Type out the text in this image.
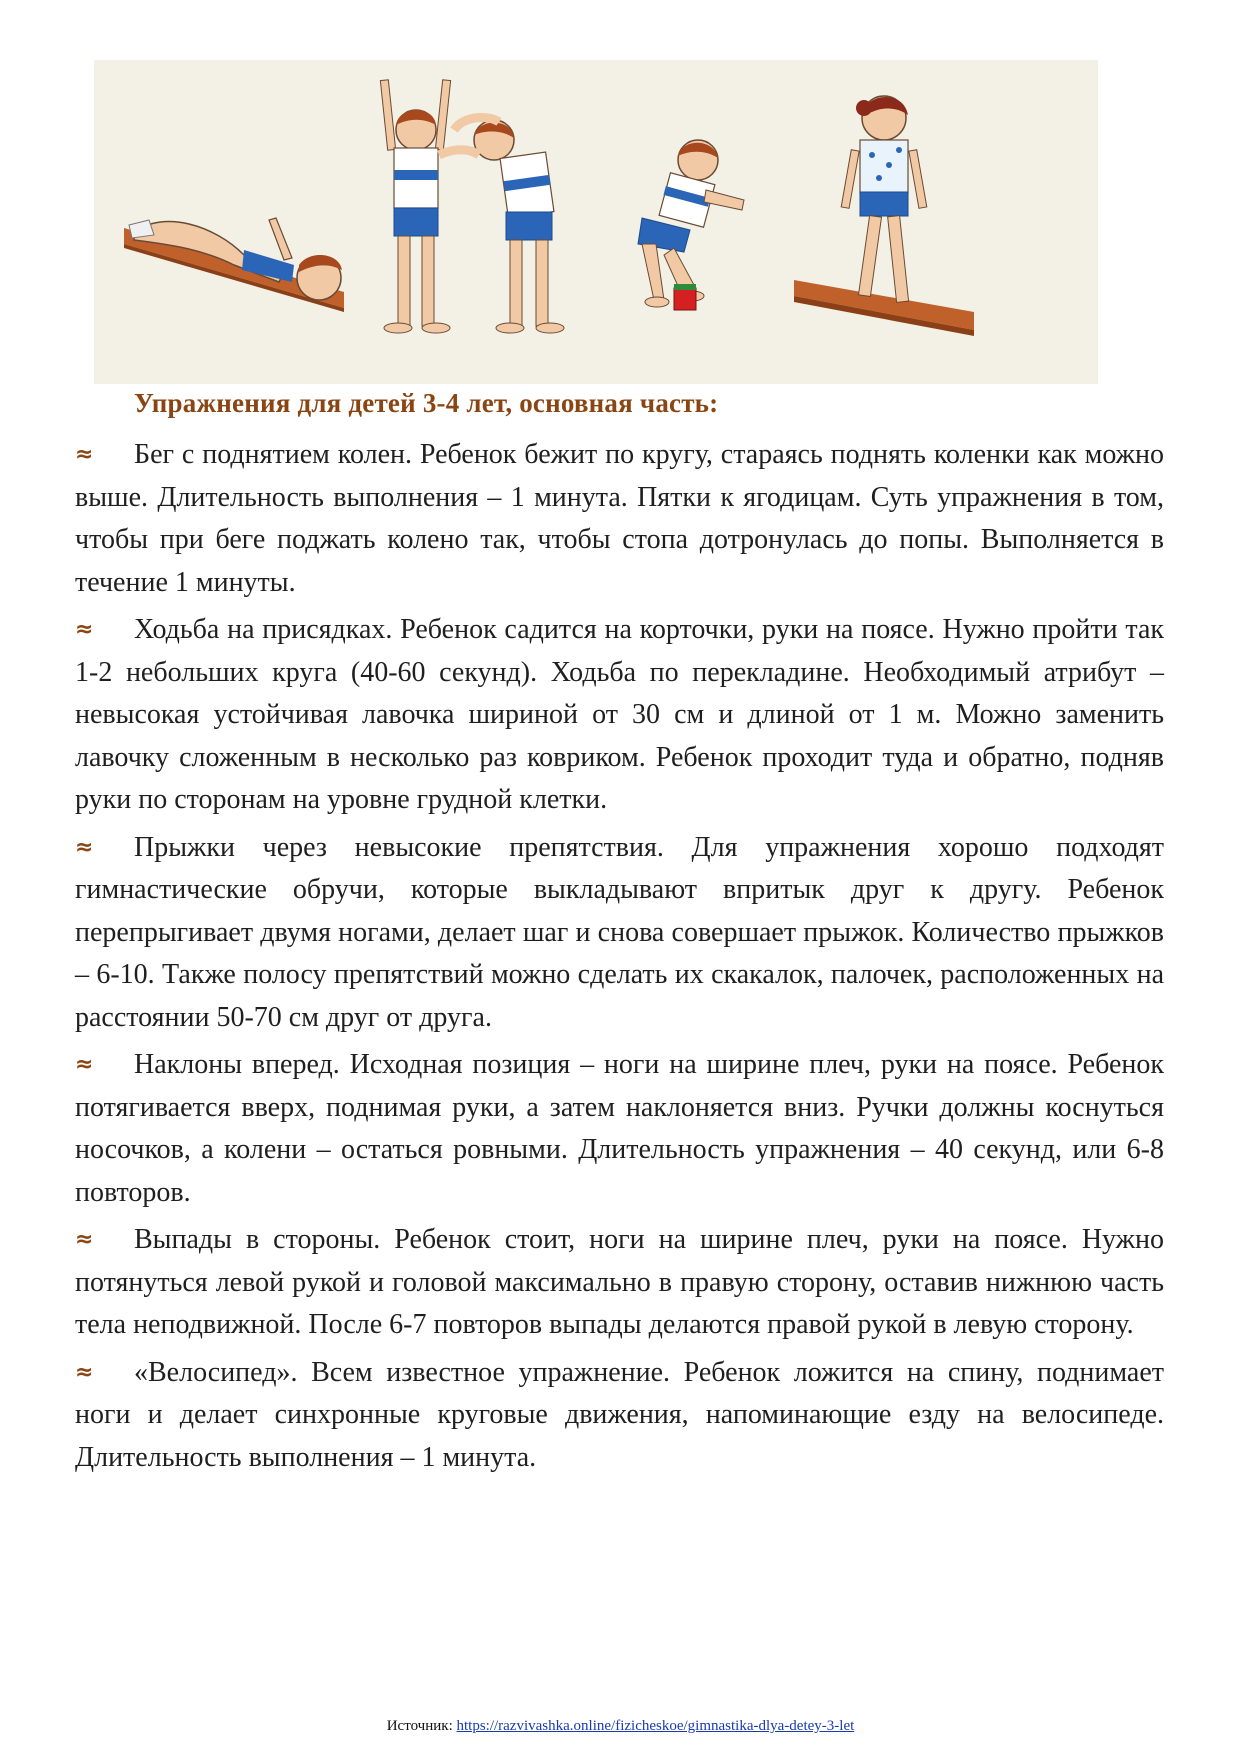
Упражнения для детей 3-4 лет, основная часть:

≈ Бег с поднятием колен. Ребенок бежит по кругу, стараясь поднять коленки как можно выше. Длительность выполнения – 1 минута. Пятки к ягодицам. Суть упражнения в том, чтобы при беге поджать колено так, чтобы стопа дотронулась до попы. Выполняется в течение 1 минуты.

≈ Ходьба на присядках. Ребенок садится на корточки, руки на поясе. Нужно пройти так 1-2 небольших круга (40-60 секунд). Ходьба по перекладине. Необходимый атрибут – невысокая устойчивая лавочка шириной от 30 см и длиной от 1 м. Можно заменить лавочку сложенным в несколько раз ковриком. Ребенок проходит туда и обратно, подняв руки по сторонам на уровне грудной клетки.

≈ Прыжки через невысокие препятствия. Для упражнения хорошо подходят гимнастические обручи, которые выкладывают впритык друг к другу. Ребенок перепрыгивает двумя ногами, делает шаг и снова совершает прыжок. Количество прыжков – 6-10. Также полосу препятствий можно сделать их скакалок, палочек, расположенных на расстоянии 50-70 см друг от друга.

≈ Наклоны вперед. Исходная позиция – ноги на ширине плеч, руки на поясе. Ребенок потягивается вверх, поднимая руки, а затем наклоняется вниз. Ручки должны коснуться носочков, а колени – остаться ровными. Длительность упражнения – 40 секунд, или 6-8 повторов.

≈ Выпады в стороны. Ребенок стоит, ноги на ширине плеч, руки на поясе. Нужно потянуться левой рукой и головой максимально в правую сторону, оставив нижнюю часть тела неподвижной. После 6-7 повторов выпады делаются правой рукой в левую сторону.

≈ «Велосипед». Всем известное упражнение. Ребенок ложится на спину, поднимает ноги и делает синхронные круговые движения, напоминающие езду на велосипеде. Длительность выполнения – 1 минута.

Источник: https://razvivashka.online/fizicheskoe/gimnastika-dlya-detey-3-let
